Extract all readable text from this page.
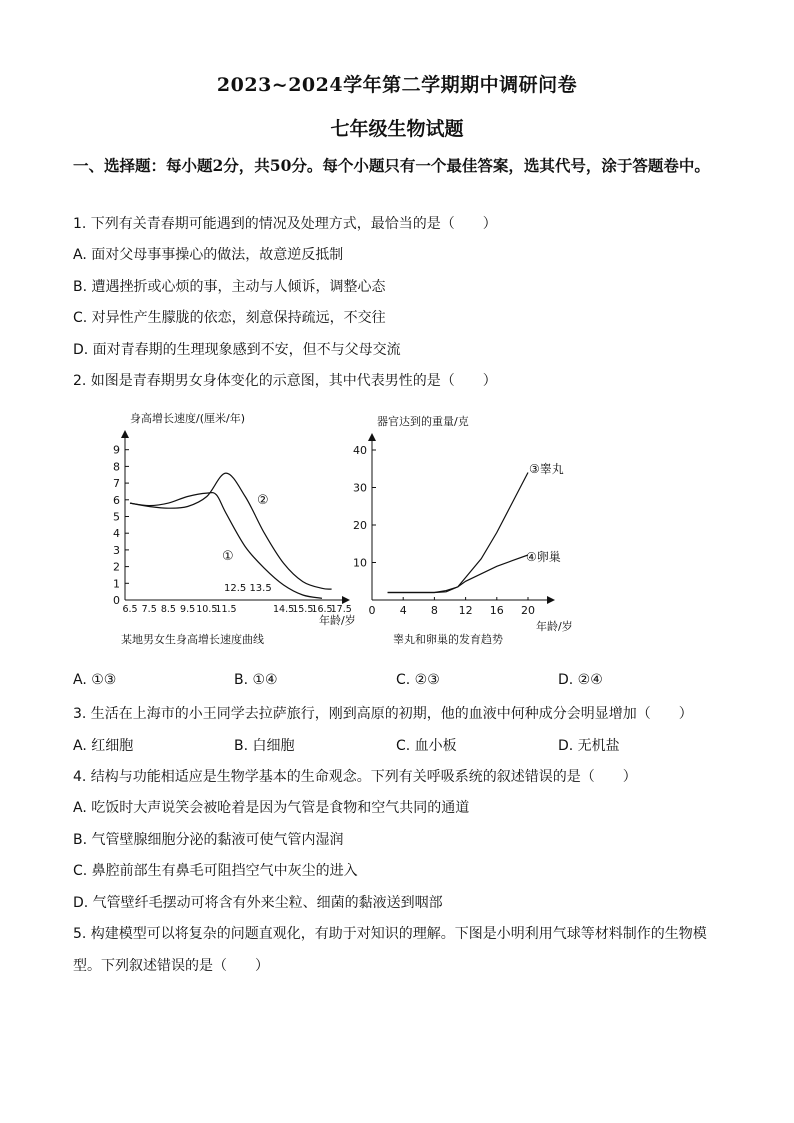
2023~2024学年第二学期期中调研问卷
七年级生物试题
一、选择题：每小题2分，共50分。每个小题只有一个最佳答案，选其代号，涂于答题卷中。
1. 下列有关青春期可能遇到的情况及处理方式，最恰当的是（　　）
A. 面对父母事事操心的做法，故意逆反抵制
B. 遭遇挫折或心烦的事，主动与人倾诉，调整心态
C. 对异性产生朦胧的依恋，刻意保持疏远，不交往
D. 面对青春期的生理现象感到不安，但不与父母交流
2. 如图是青春期男女身体变化的示意图，其中代表男性的是（　　）
身高增长速度/(厘米/年)
0
1
2
3
4
5
6
7
8
9
6.5 7.5 8.5 9.5 10.5
11.5	14.5
15.5
16.5
17.5
12.5 13.5
①
②
年龄/岁
某地男女生身高增长速度曲线
器官达到的重量/克
10
20
30
40
0 4 8 12 16 20
③睾丸
④卵巢
年龄/岁
睾丸和卵巢的发育趋势
A. ①③	B. ①④	C. ②③	D. ②④
3. 生活在上海市的小王同学去拉萨旅行，刚到高原的初期，他的血液中何种成分会明显增加（　　）
A. 红细胞	B. 白细胞	C. 血小板	D. 无机盐
4. 结构与功能相适应是生物学基本的生命观念。下列有关呼吸系统的叙述错误的是（　　）
A. 吃饭时大声说笑会被呛着是因为气管是食物和空气共同的通道
B. 气管壁腺细胞分泌的黏液可使气管内湿润
C. 鼻腔前部生有鼻毛可阻挡空气中灰尘的进入
D. 气管壁纤毛摆动可将含有外来尘粒、细菌的黏液送到咽部
5. 构建模型可以将复杂的问题直观化，有助于对知识的理解。下图是小明利用气球等材料制作的生物模
型。下列叙述错误的是（　　）
